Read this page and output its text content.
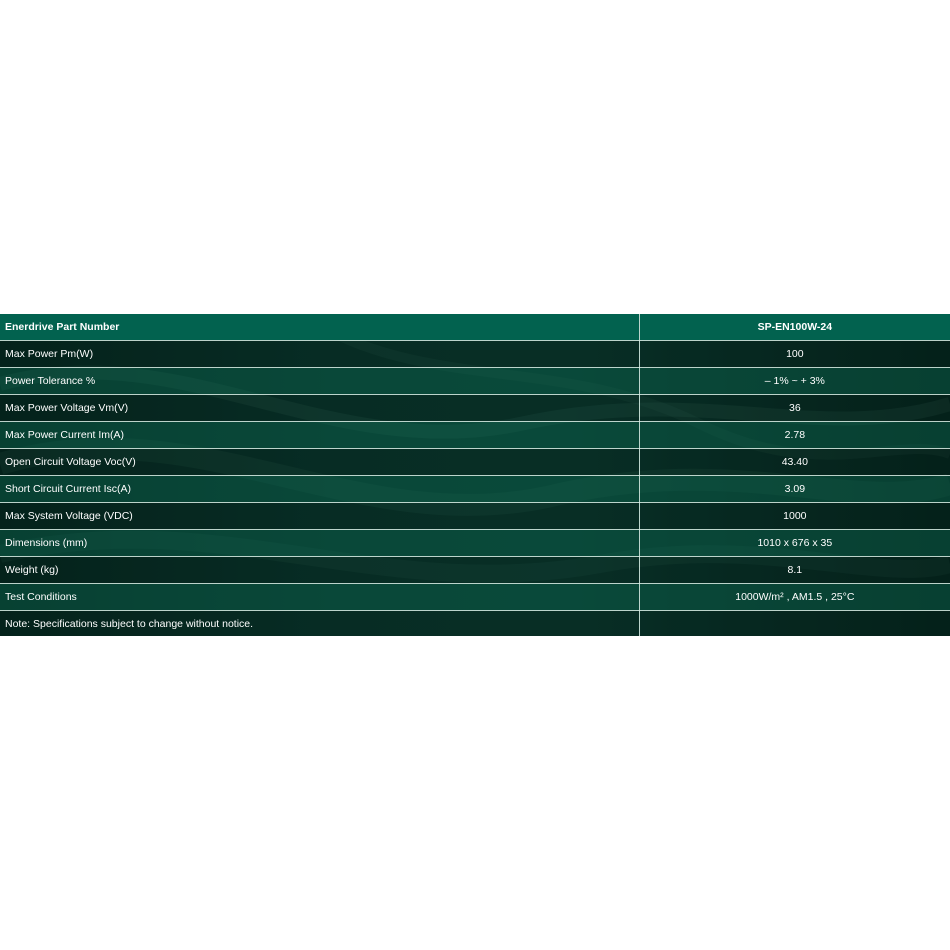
Enerdrive Part Number	SP-EN100W-24
Max Power Pm(W)	100
Power Tolerance %	– 1% ~ + 3%
Max Power Voltage Vm(V)	36
Max Power Current Im(A)	2.78
Open Circuit Voltage Voc(V)	43.40
Short Circuit Current Isc(A)	3.09
Max System Voltage (VDC)	1000
Dimensions (mm)	1010 x 676 x 35
Weight (kg)	8.1
Test Conditions	1000W/m² , AM1.5 , 25°C
Note: Specifications subject to change without notice.	
